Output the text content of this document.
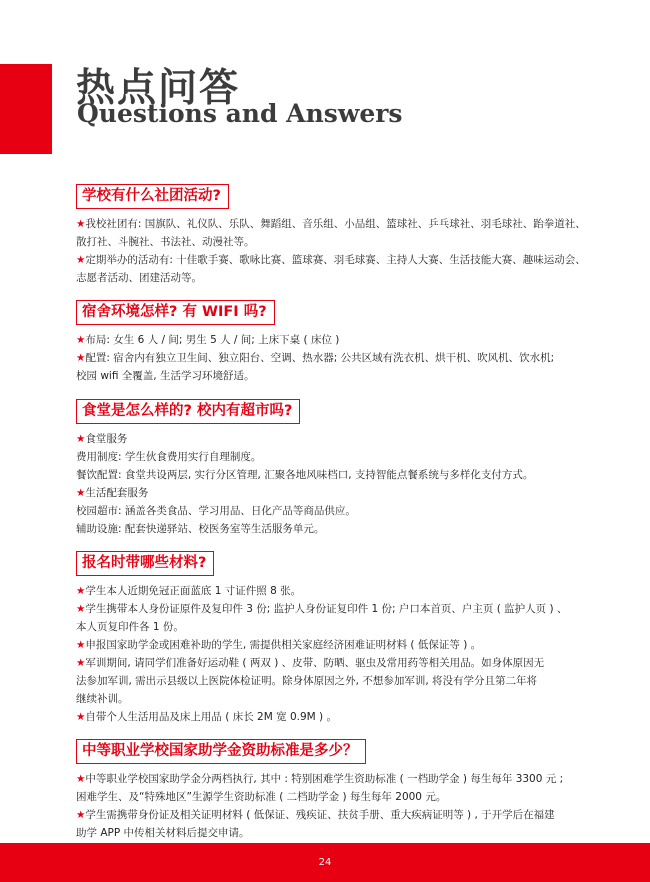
热点问答
Questions and Answers
学校有什么社团活动?

★我校社团有: 国旗队、礼仪队、乐队、舞蹈组、音乐组、小品组、篮球社、乒乓球社、羽毛球社、跆拳道社、

散打社、斗腕社、书法社、动漫社等。

★定期举办的活动有: 十佳歌手赛、歌咏比赛、篮球赛、羽毛球赛、主持人大赛、生活技能大赛、趣味运动会、

志愿者活动、团建活动等。

宿舍环境怎样? 有 WIFI 吗?

★布局: 女生 6 人 / 间; 男生 5 人 / 间; 上床下桌 ( 床位 )

★配置: 宿舍内有独立卫生间、独立阳台、空调、热水器; 公共区域有洗衣机、烘干机、吹风机、饮水机;

校园 wifi 全覆盖, 生活学习环境舒适。

食堂是怎么样的? 校内有超市吗?

★食堂服务

费用制度: 学生伙食费用实行自理制度。

餐饮配置: 食堂共设两层, 实行分区管理, 汇聚各地风味档口, 支持智能点餐系统与多样化支付方式。

★生活配套服务

校园超市: 涵盖各类食品、学习用品、日化产品等商品供应。

辅助设施: 配套快递驿站、校医务室等生活服务单元。

报名时带哪些材料?

★学生本人近期免冠正面蓝底 1 寸证件照 8 张。

★学生携带本人身份证原件及复印件 3 份; 监护人身份证复印件 1 份; 户口本首页、户主页 ( 监护人页 ) 、

本人页复印件各 1 份。

★申报国家助学金或困难补助的学生, 需提供相关家庭经济困难证明材料 ( 低保证等 ) 。

★军训期间, 请同学们准备好运动鞋 ( 两双 ) 、皮带、防晒、驱虫及常用药等相关用品。如身体原因无

法参加军训, 需出示县级以上医院体检证明。除身体原因之外, 不想参加军训, 将没有学分且第二年将

继续补训。

★自带个人生活用品及床上用品 ( 床长 2M 宽 0.9M ) 。

中等职业学校国家助学金资助标准是多少？

★中等职业学校国家助学金分两档执行, 其中 : 特别困难学生资助标准 ( 一档助学金 ) 每生每年 3300 元 ;

困难学生、及“特殊地区”生源学生资助标准 ( 二档助学金 ) 每生每年 2000 元。

★学生需携带身份证及相关证明材料 ( 低保证、残疾证、扶贫手册、重大疾病证明等 ) , 于开学后在福建

助学 APP 中传相关材料后提交申请。

24
